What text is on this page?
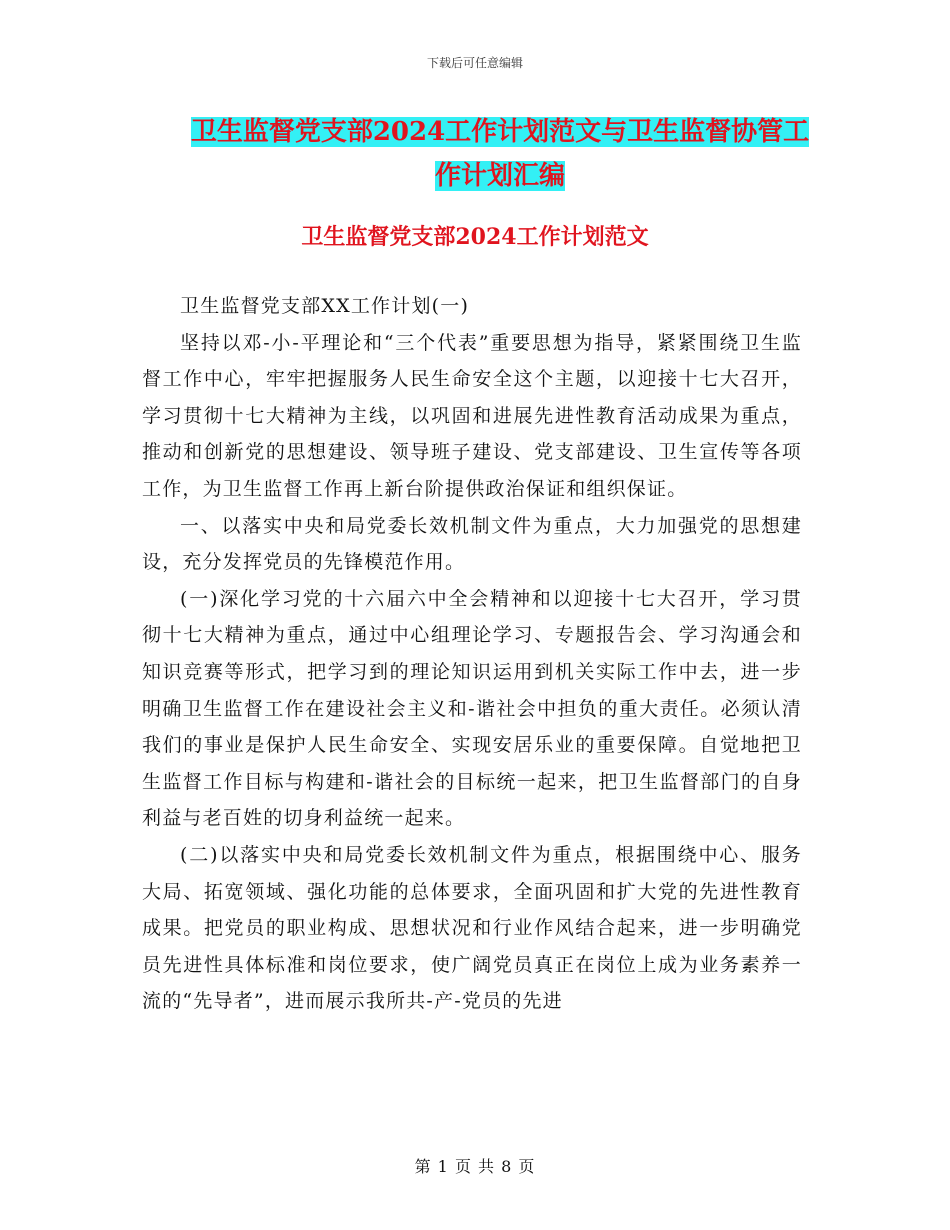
下载后可任意编辑
卫生监督党支部2024工作计划范文与卫生监督协管工
作计划汇编
卫生监督党支部2024工作计划范文

卫生监督党支部XX工作计划(一)

坚持以邓-小-平理论和“三个代表”重要思想为指导，紧紧围绕卫生监督工作中心，牢牢把握服务人民生命安全这个主题，以迎接十七大召开，学习贯彻十七大精神为主线，以巩固和进展先进性教育活动成果为重点，推动和创新党的思想建设、领导班子建设、党支部建设、卫生宣传等各项工作，为卫生监督工作再上新台阶提供政治保证和组织保证。

一、以落实中央和局党委长效机制文件为重点，大力加强党的思想建设，充分发挥党员的先锋模范作用。

(一)深化学习党的十六届六中全会精神和以迎接十七大召开，学习贯彻十七大精神为重点，通过中心组理论学习、专题报告会、学习沟通会和知识竞赛等形式，把学习到的理论知识运用到机关实际工作中去，进一步明确卫生监督工作在建设社会主义和-谐社会中担负的重大责任。必须认清我们的事业是保护人民生命安全、实现安居乐业的重要保障。自觉地把卫生监督工作目标与构建和-谐社会的目标统一起来，把卫生监督部门的自身利益与老百姓的切身利益统一起来。

(二)以落实中央和局党委长效机制文件为重点，根据围绕中心、服务大局、拓宽领域、强化功能的总体要求，全面巩固和扩大党的先进性教育成果。把党员的职业构成、思想状况和行业作风结合起来，进一步明确党员先进性具体标准和岗位要求，使广阔党员真正在岗位上成为业务素养一流的“先导者”，进而展示我所共-产-党员的先进

第 1 页 共 8 页
